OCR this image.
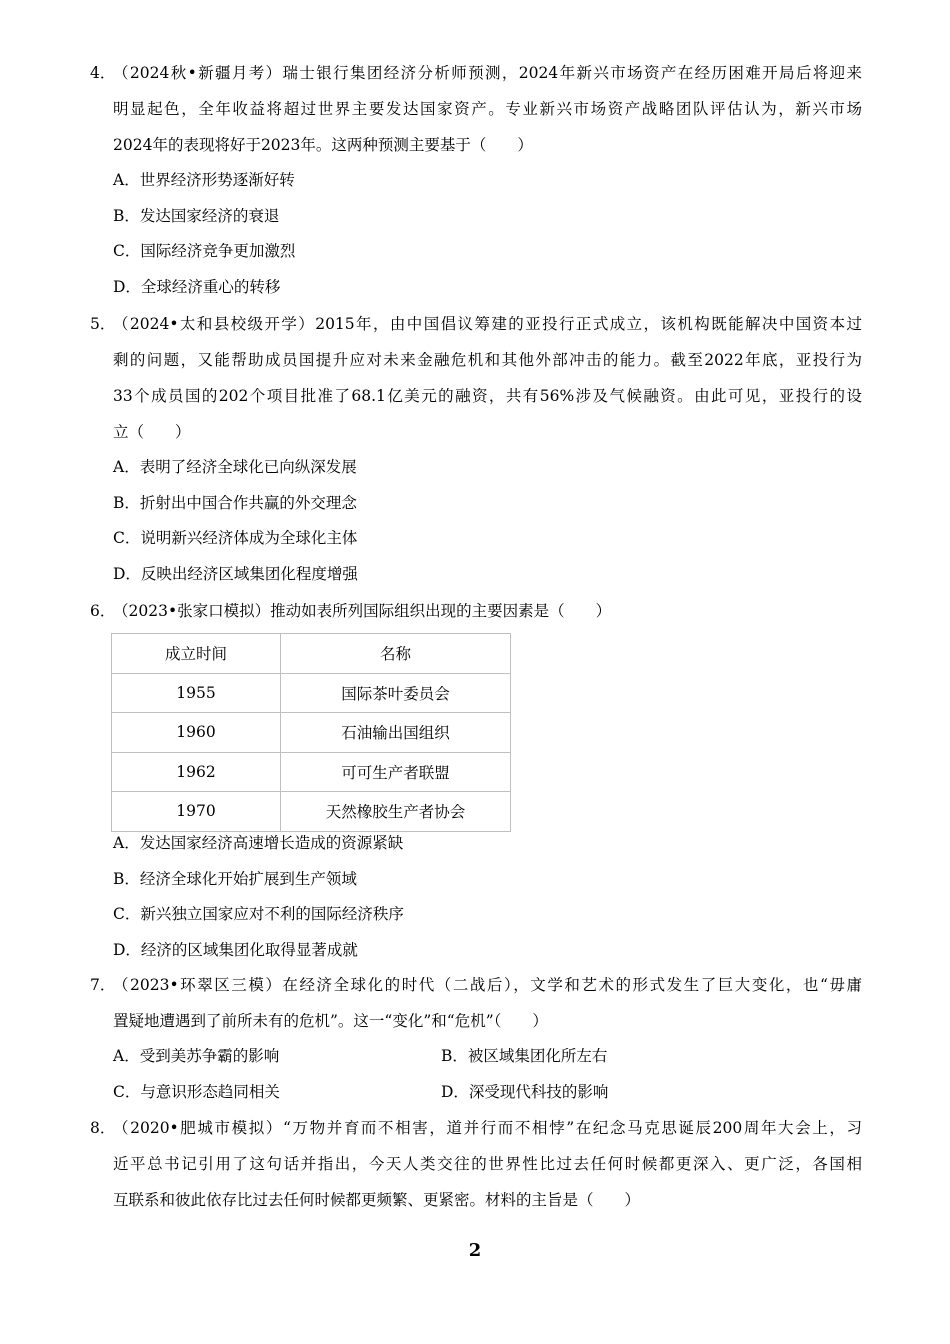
4．
（2024秋•新疆月考）瑞士银行集团经济分析师预测，2024年新兴市场资产在经历困难开局后将迎来
明显起色，全年收益将超过世界主要发达国家资产。专业新兴市场资产战略团队评估认为，新兴市场
2024年的表现将好于2023年。这两种预测主要基于（　　）
A．世界经济形势逐渐好转
B．发达国家经济的衰退
C．国际经济竞争更加激烈
D．全球经济重心的转移
5．
（2024•太和县校级开学）2015年，由中国倡议筹建的亚投行正式成立，该机构既能解决中国资本过
剩的问题，又能帮助成员国提升应对未来金融危机和其他外部冲击的能力。截至2022年底，亚投行为
33个成员国的202个项目批准了68.1亿美元的融资，共有56%涉及气候融资。由此可见，亚投行的设
立（　　）
A．表明了经济全球化已向纵深发展
B．折射出中国合作共赢的外交理念
C．说明新兴经济体成为全球化主体
D．反映出经济区域集团化程度增强
6．
（2023•张家口模拟）推动如表所列国际组织出现的主要因素是（　　）
成立时间	名称
1955	国际茶叶委员会
1960	石油输出国组织
1962	可可生产者联盟
1970	天然橡胶生产者协会
A．发达国家经济高速增长造成的资源紧缺
B．经济全球化开始扩展到生产领域
C．新兴独立国家应对不利的国际经济秩序
D．经济的区域集团化取得显著成就
7．
（2023•环翠区三模）在经济全球化的时代（二战后），文学和艺术的形式发生了巨大变化，也“毋庸
置疑地遭遇到了前所未有的危机”。这一“变化”和“危机”（　　）
A．受到美苏争霸的影响	B．被区域集团化所左右
C．与意识形态趋同相关	D．深受现代科技的影响
8．
（2020•肥城市模拟）“万物并育而不相害，道并行而不相悖”在纪念马克思诞辰200周年大会上，习
近平总书记引用了这句话并指出，今天人类交往的世界性比过去任何时候都更深入、更广泛，各国相
互联系和彼此依存比过去任何时候都更频繁、更紧密。材料的主旨是（　　）
2
